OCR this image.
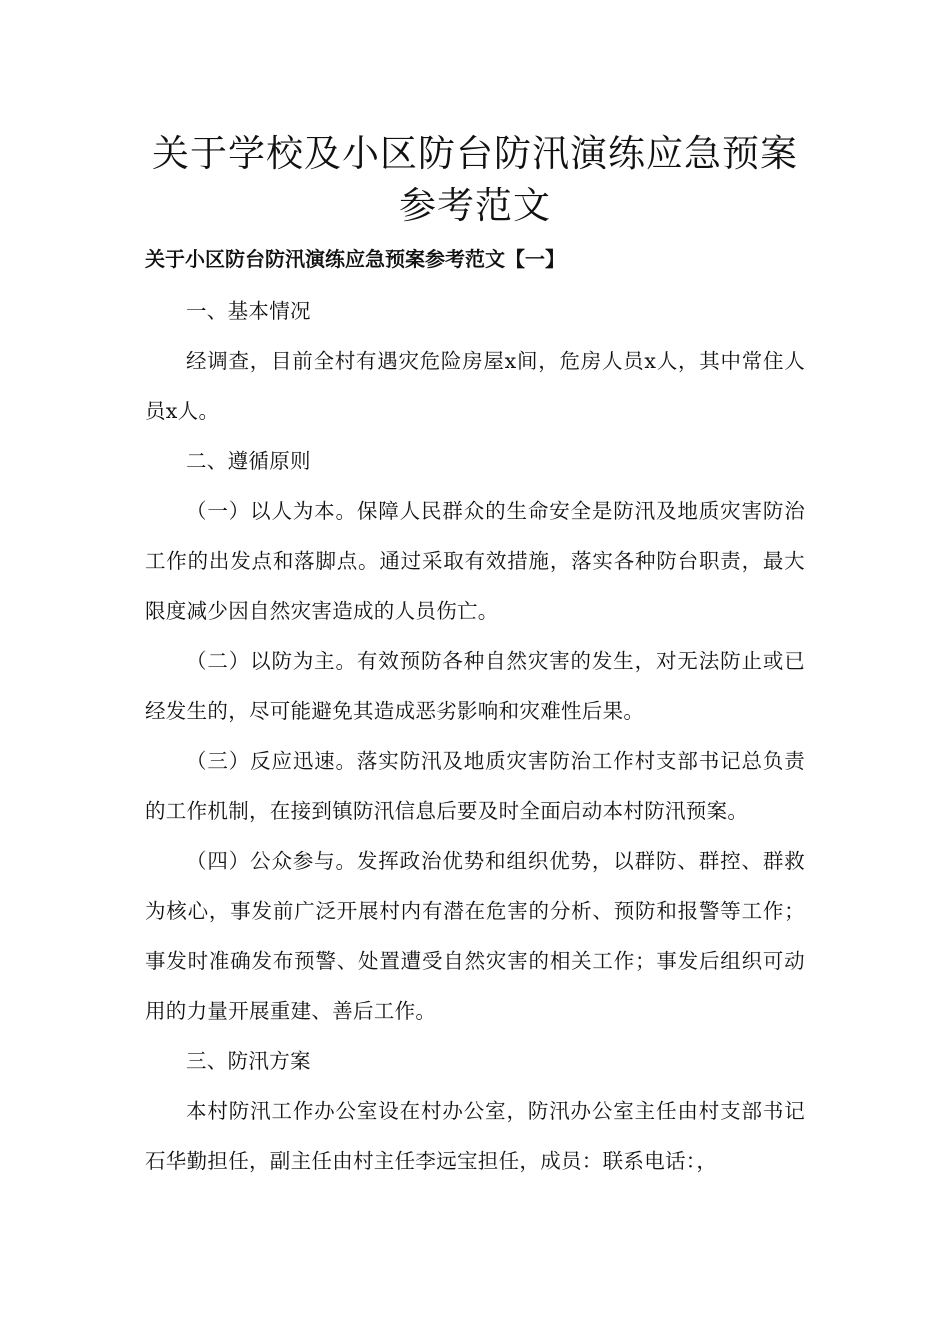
关于学校及小区防台防汛演练应急预案参考范文
关于小区防台防汛演练应急预案参考范文【一】

一、基本情况

经调查，目前全村有遇灾危险房屋x间，危房人员x人，其中常住人员x人。

二、遵循原则

（一）以人为本。保障人民群众的生命安全是防汛及地质灾害防治工作的出发点和落脚点。通过采取有效措施，落实各种防台职责，最大限度减少因自然灾害造成的人员伤亡。

（二）以防为主。有效预防各种自然灾害的发生，对无法防止或已经发生的，尽可能避免其造成恶劣影响和灾难性后果。

（三）反应迅速。落实防汛及地质灾害防治工作村支部书记总负责的工作机制，在接到镇防汛信息后要及时全面启动本村防汛预案。

（四）公众参与。发挥政治优势和组织优势，以群防、群控、群救为核心，事发前广泛开展村内有潜在危害的分析、预防和报警等工作；事发时准确发布预警、处置遭受自然灾害的相关工作；事发后组织可动用的力量开展重建、善后工作。

三、防汛方案

本村防汛工作办公室设在村办公室，防汛办公室主任由村支部书记石华勤担任，副主任由村主任李远宝担任，成员：联系电话：，
